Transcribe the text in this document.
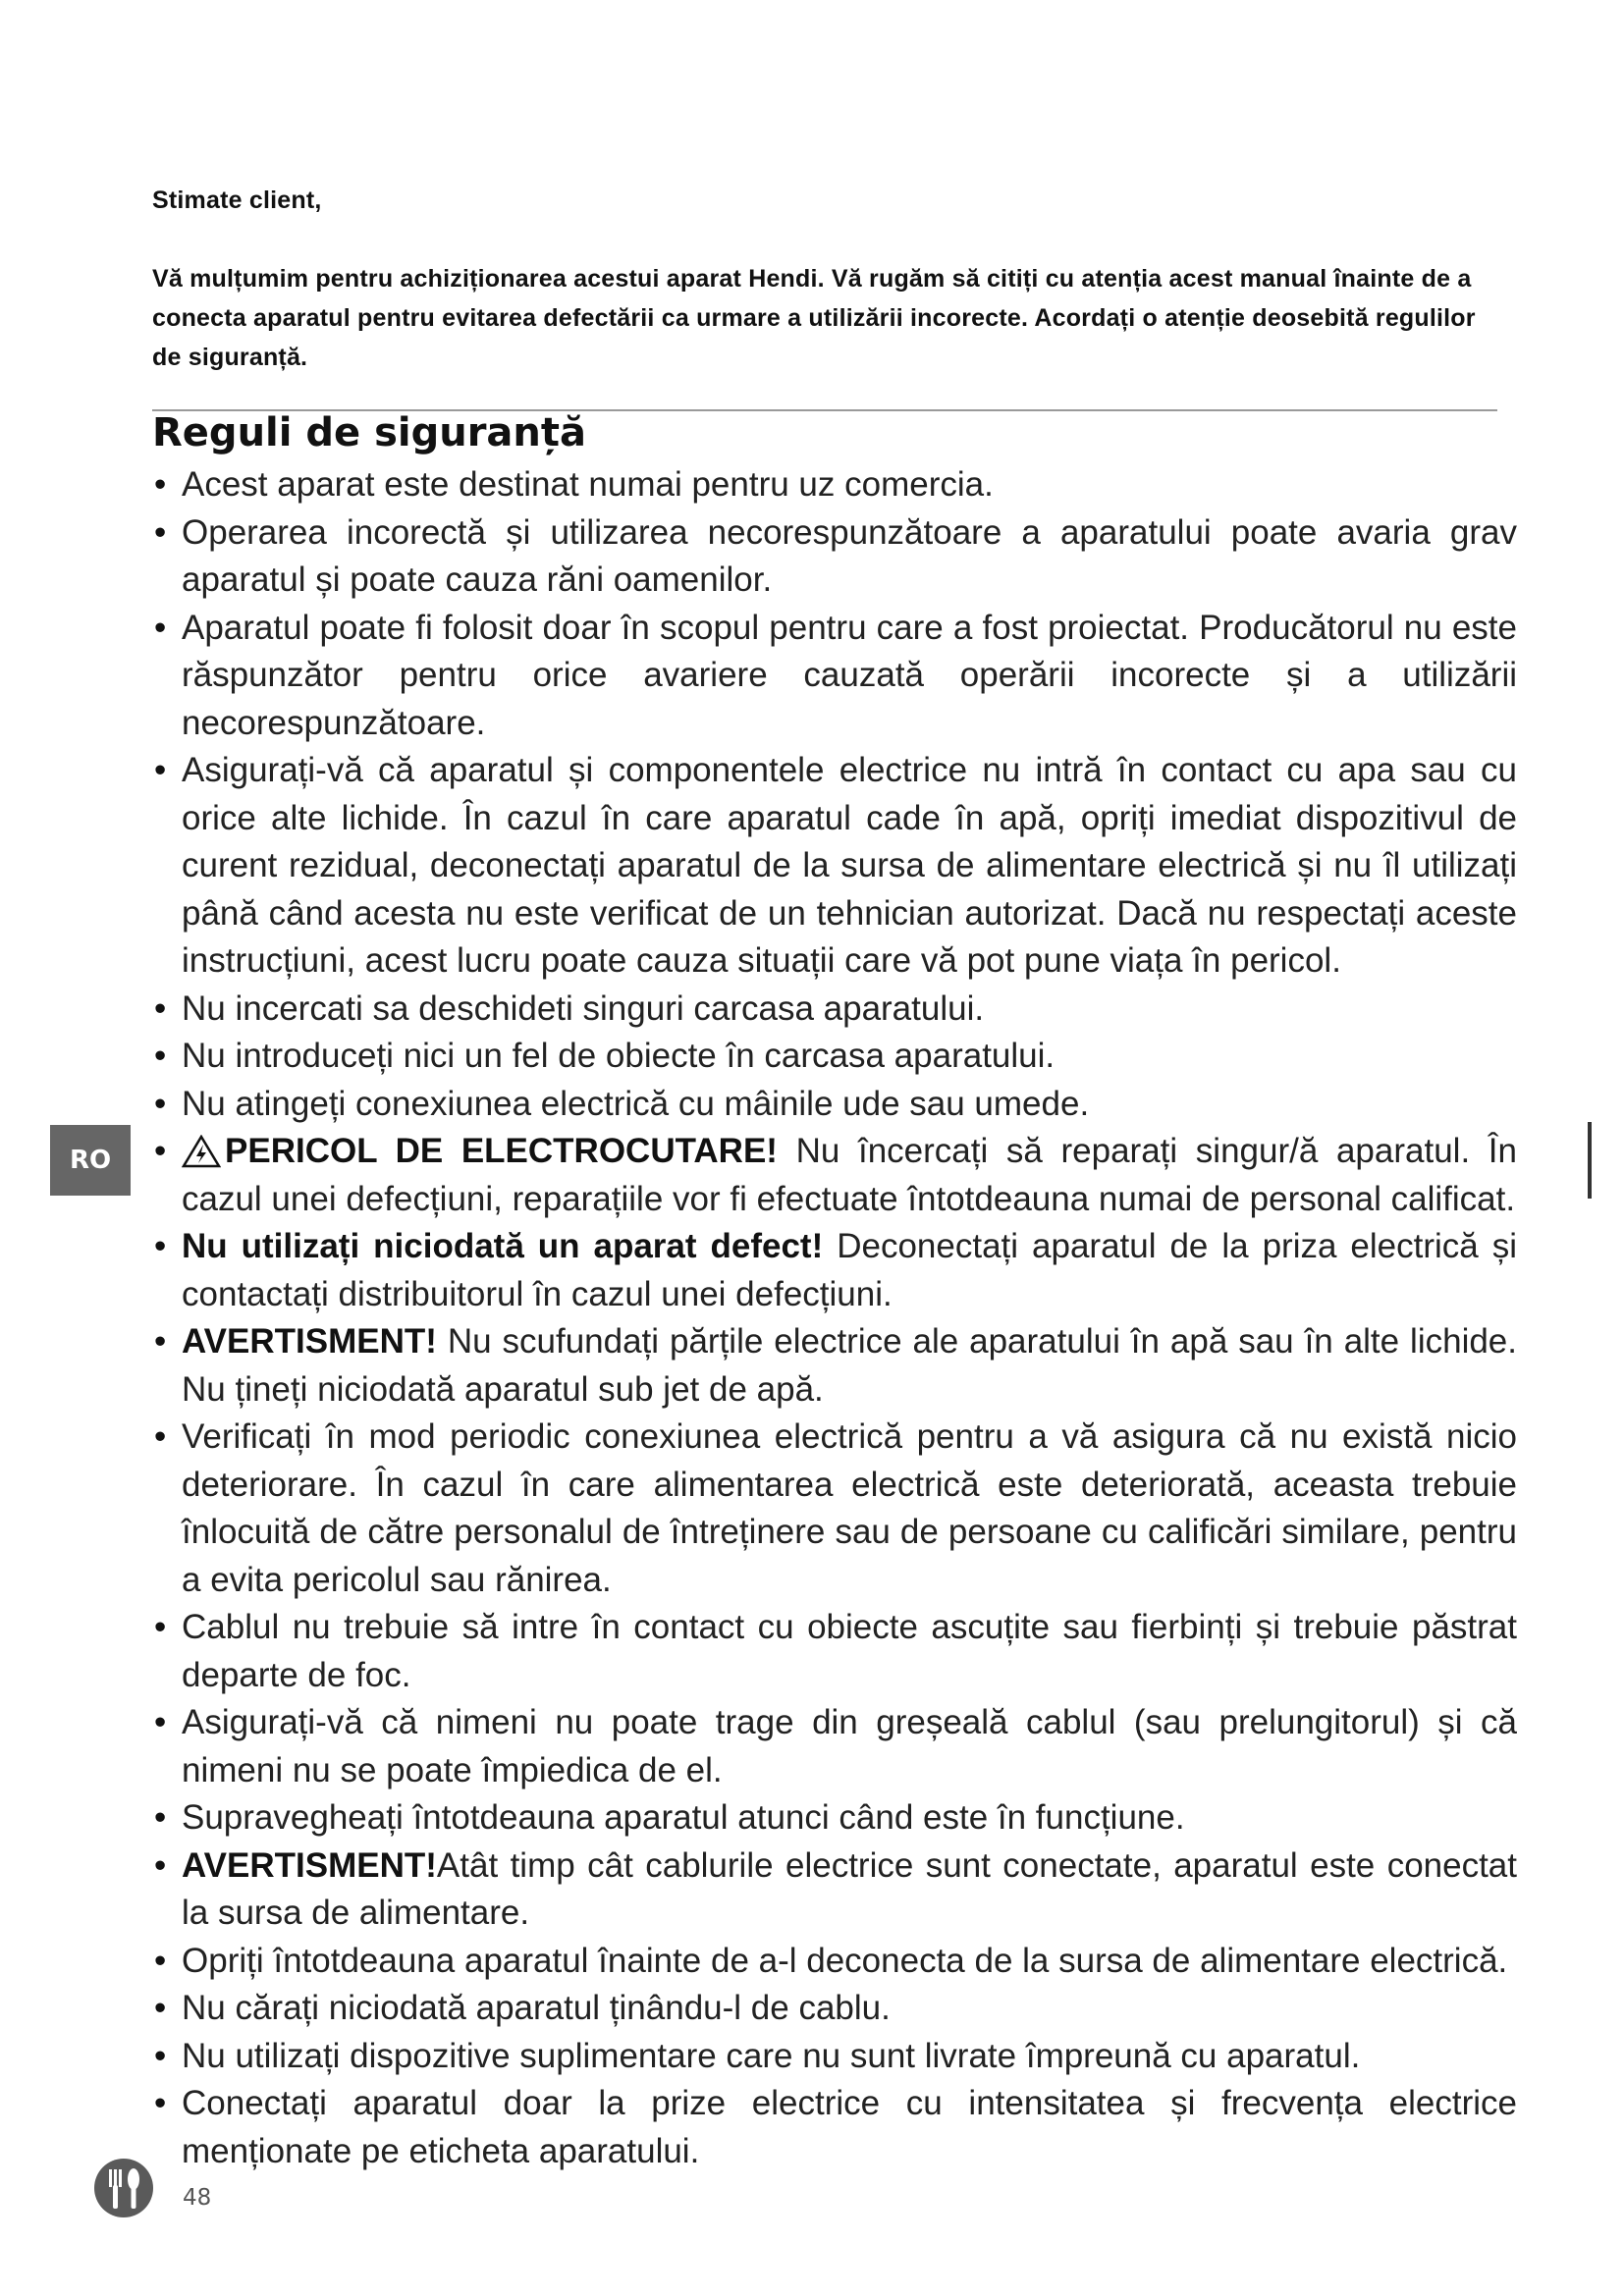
Stimate client,
Vă mulțumim pentru achiziționarea acestui aparat Hendi. Vă rugăm să citiți cu atenția acest manual înainte de a conecta aparatul pentru evitarea defectării ca urmare a utilizării incorecte. Acordați o atenție deosebită regulilor de siguranță.
Reguli de siguranță
• Acest aparat este destinat numai pentru uz comercia.
• Operarea incorectă și utilizarea necorespunzătoare a aparatului poate avaria grav aparatul și poate cauza răni oamenilor.
• Aparatul poate fi folosit doar în scopul pentru care a fost proiectat. Producătorul nu este răspunzător pentru orice avariere cauzată operării incorecte și a utilizării necorespunzătoare.
• Asigurați-vă că aparatul și componentele electrice nu intră în contact cu apa sau cu orice alte lichide. În cazul în care aparatul cade în apă, opriți imediat dispozitivul de curent rezidual, deconectați aparatul de la sursa de alimentare electrică și nu îl utilizați până când acesta nu este verificat de un tehnician autorizat. Dacă nu respectați aceste instrucțiuni, acest lucru poate cauza situații care vă pot pune viața în pericol.
• Nu incercati sa deschideti singuri carcasa aparatului.
• Nu introduceți nici un fel de obiecte în carcasa aparatului.
• Nu atingeți conexiunea electrică cu mâinile ude sau umede.
• PERICOL DE ELECTROCUTARE! Nu încercați să reparați singur/ă aparatul. În cazul unei defecțiuni, reparațiile vor fi efectuate întotdeauna numai de personal calificat.
• Nu utilizați niciodată un aparat defect! Deconectați aparatul de la priza electrică și contactați distribuitorul în cazul unei defecțiuni.
• AVERTISMENT! Nu scufundați părțile electrice ale aparatului în apă sau în alte lichide. Nu țineți niciodată aparatul sub jet de apă.
• Verificați în mod periodic conexiunea electrică pentru a vă asigura că nu există nicio deteriorare. În cazul în care alimentarea electrică este deteriorată, aceasta trebuie înlocuită de către personalul de întreținere sau de persoane cu calificări similare, pentru a evita pericolul sau rănirea.
• Cablul nu trebuie să intre în contact cu obiecte ascuțite sau fierbinți și trebuie păstrat departe de foc.
• Asigurați-vă că nimeni nu poate trage din greșeală cablul (sau prelungitorul) și că nimeni nu se poate împiedica de el.
• Supravegheați întotdeauna aparatul atunci când este în funcțiune.
• AVERTISMENT!Atât timp cât cablurile electrice sunt conectate, aparatul este conectat la sursa de alimentare.
• Opriți întotdeauna aparatul înainte de a-l deconecta de la sursa de alimentare electrică.
• Nu cărați niciodată aparatul ținându-l de cablu.
• Nu utilizați dispozitive suplimentare care nu sunt livrate împreună cu aparatul.
• Conectați aparatul doar la prize electrice cu intensitatea și frecvența electrice menționate pe eticheta aparatului.
RO
48
